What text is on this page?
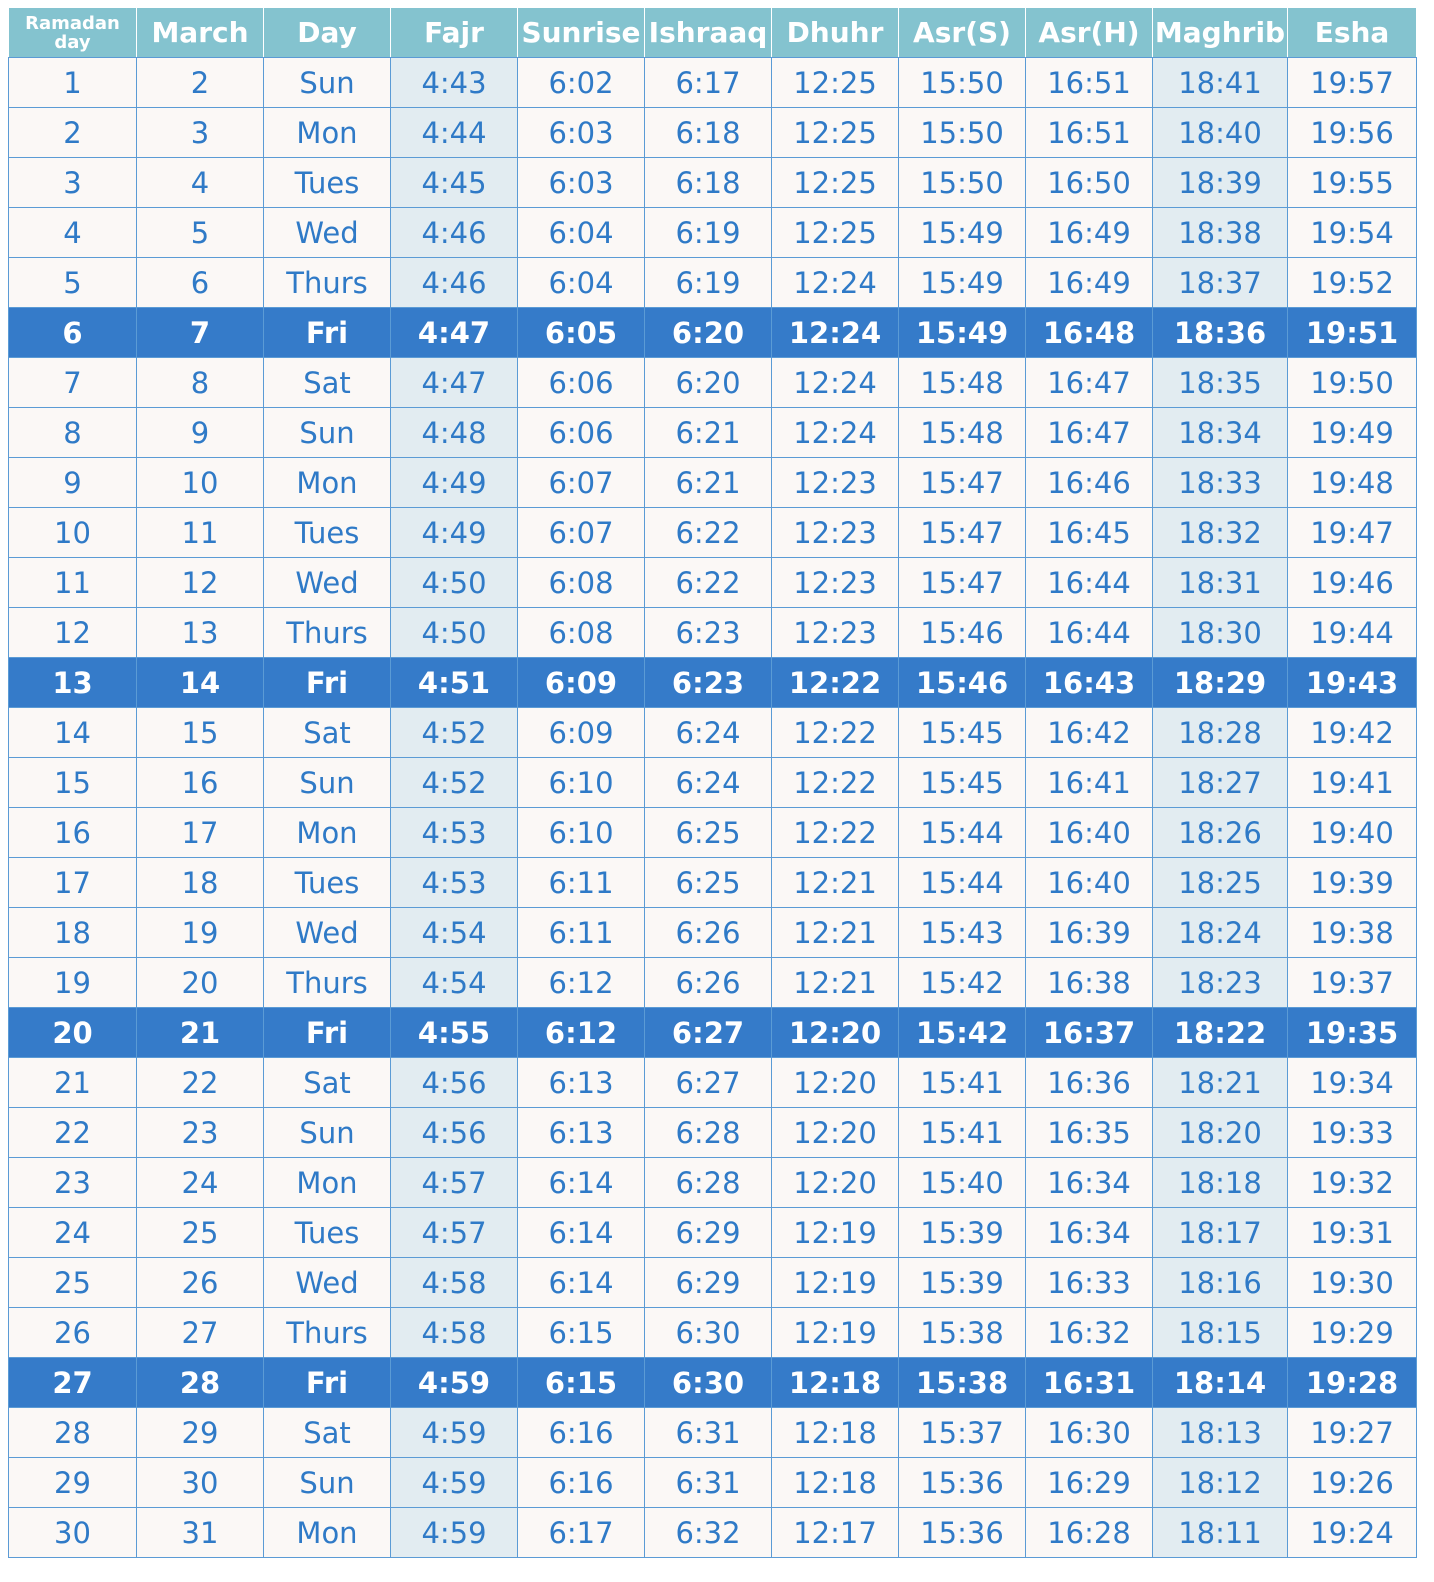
Ramadan
day	March	Day	Fajr	Sunrise	Ishraaq	Dhuhr	Asr(S)	Asr(H)	Maghrib	Esha
1	2	Sun	4:43	6:02	6:17	12:25	15:50	16:51	18:41	19:57
2	3	Mon	4:44	6:03	6:18	12:25	15:50	16:51	18:40	19:56
3	4	Tues	4:45	6:03	6:18	12:25	15:50	16:50	18:39	19:55
4	5	Wed	4:46	6:04	6:19	12:25	15:49	16:49	18:38	19:54
5	6	Thurs	4:46	6:04	6:19	12:24	15:49	16:49	18:37	19:52
6	7	Fri	4:47	6:05	6:20	12:24	15:49	16:48	18:36	19:51
7	8	Sat	4:47	6:06	6:20	12:24	15:48	16:47	18:35	19:50
8	9	Sun	4:48	6:06	6:21	12:24	15:48	16:47	18:34	19:49
9	10	Mon	4:49	6:07	6:21	12:23	15:47	16:46	18:33	19:48
10	11	Tues	4:49	6:07	6:22	12:23	15:47	16:45	18:32	19:47
11	12	Wed	4:50	6:08	6:22	12:23	15:47	16:44	18:31	19:46
12	13	Thurs	4:50	6:08	6:23	12:23	15:46	16:44	18:30	19:44
13	14	Fri	4:51	6:09	6:23	12:22	15:46	16:43	18:29	19:43
14	15	Sat	4:52	6:09	6:24	12:22	15:45	16:42	18:28	19:42
15	16	Sun	4:52	6:10	6:24	12:22	15:45	16:41	18:27	19:41
16	17	Mon	4:53	6:10	6:25	12:22	15:44	16:40	18:26	19:40
17	18	Tues	4:53	6:11	6:25	12:21	15:44	16:40	18:25	19:39
18	19	Wed	4:54	6:11	6:26	12:21	15:43	16:39	18:24	19:38
19	20	Thurs	4:54	6:12	6:26	12:21	15:42	16:38	18:23	19:37
20	21	Fri	4:55	6:12	6:27	12:20	15:42	16:37	18:22	19:35
21	22	Sat	4:56	6:13	6:27	12:20	15:41	16:36	18:21	19:34
22	23	Sun	4:56	6:13	6:28	12:20	15:41	16:35	18:20	19:33
23	24	Mon	4:57	6:14	6:28	12:20	15:40	16:34	18:18	19:32
24	25	Tues	4:57	6:14	6:29	12:19	15:39	16:34	18:17	19:31
25	26	Wed	4:58	6:14	6:29	12:19	15:39	16:33	18:16	19:30
26	27	Thurs	4:58	6:15	6:30	12:19	15:38	16:32	18:15	19:29
27	28	Fri	4:59	6:15	6:30	12:18	15:38	16:31	18:14	19:28
28	29	Sat	4:59	6:16	6:31	12:18	15:37	16:30	18:13	19:27
29	30	Sun	4:59	6:16	6:31	12:18	15:36	16:29	18:12	19:26
30	31	Mon	4:59	6:17	6:32	12:17	15:36	16:28	18:11	19:24
